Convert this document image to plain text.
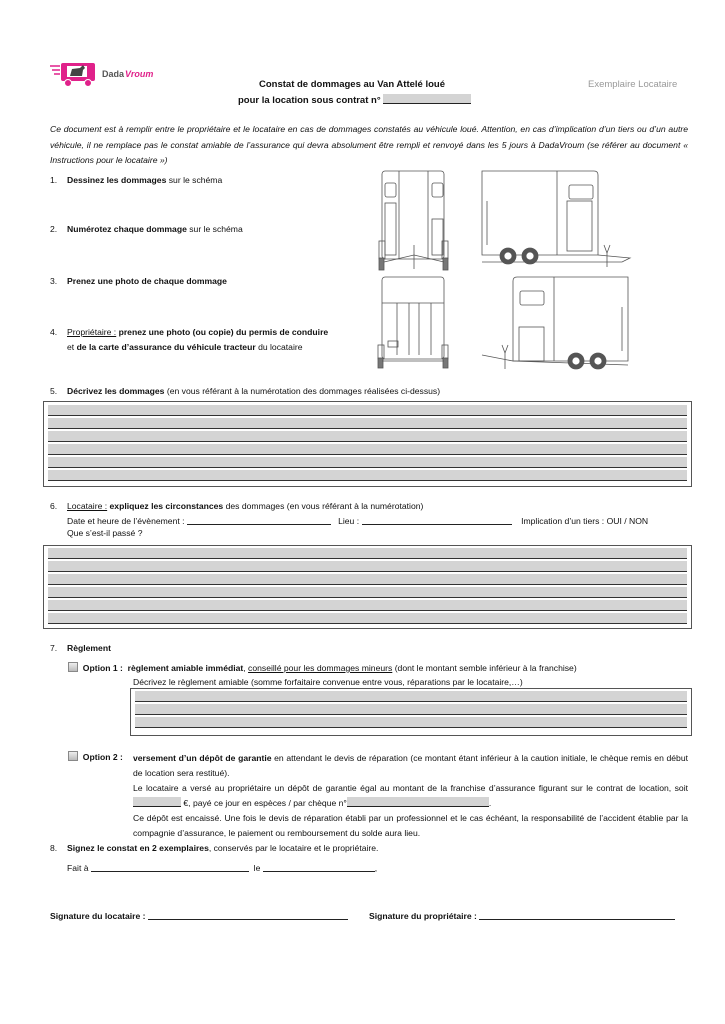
Dada Vroum
Constat de dommages au Van Attelé loué
pour la location sous contrat n°
Exemplaire Locataire
Ce document est à remplir entre le propriétaire et le locataire en cas de dommages constatés au véhicule loué. Attention, en cas d’implication d’un tiers ou d’un autre véhicule, il ne remplace pas le constat amiable de l’assurance qui devra absolument être rempli et renvoyé dans les 5 jours à DadaVroum (se référer au document « Instructions pour le locataire »)
1. Dessinez les dommages sur le schéma
2. Numérotez chaque dommage sur le schéma
3. Prenez une photo de chaque dommage
4. Propriétaire : prenez une photo (ou copie) du permis de conduire
et de la carte d’assurance du véhicule tracteur du locataire
5. Décrivez les dommages (en vous référant à la numérotation des dommages réalisées ci-dessus)
6. Locataire : expliquez les circonstances des dommages (en vous référant à la numérotation)
Date et heure de l’évènement :	Lieu :	Implication d’un tiers : OUI / NON
Que s’est-il passé ?
7. Règlement
Option 1 : règlement amiable immédiat, conseillé pour les dommages mineurs (dont le montant semble inférieur à la franchise)
Décrivez le règlement amiable (somme forfaitaire convenue entre vous, réparations par le locataire,…)
Option 2 : versement d’un dépôt de garantie en attendant le devis de réparation (ce montant étant inférieur à la caution initiale, le chèque remis en début de location sera restitué).
Le locataire a versé au propriétaire un dépôt de garantie égal au montant de la franchise d’assurance figurant sur le contrat de location, soit  €, payé ce jour en espèces / par chèque n°	.
Ce dépôt est encaissé. Une fois le devis de réparation établi par un professionnel et le cas échéant, la responsabilité de l’accident établie par la compagnie d’assurance, le paiement ou remboursement du solde aura lieu.
8. Signez le constat en 2 exemplaires, conservés par le locataire et le propriétaire.
Fait à	le	,
Signature du locataire :	Signature du propriétaire :
